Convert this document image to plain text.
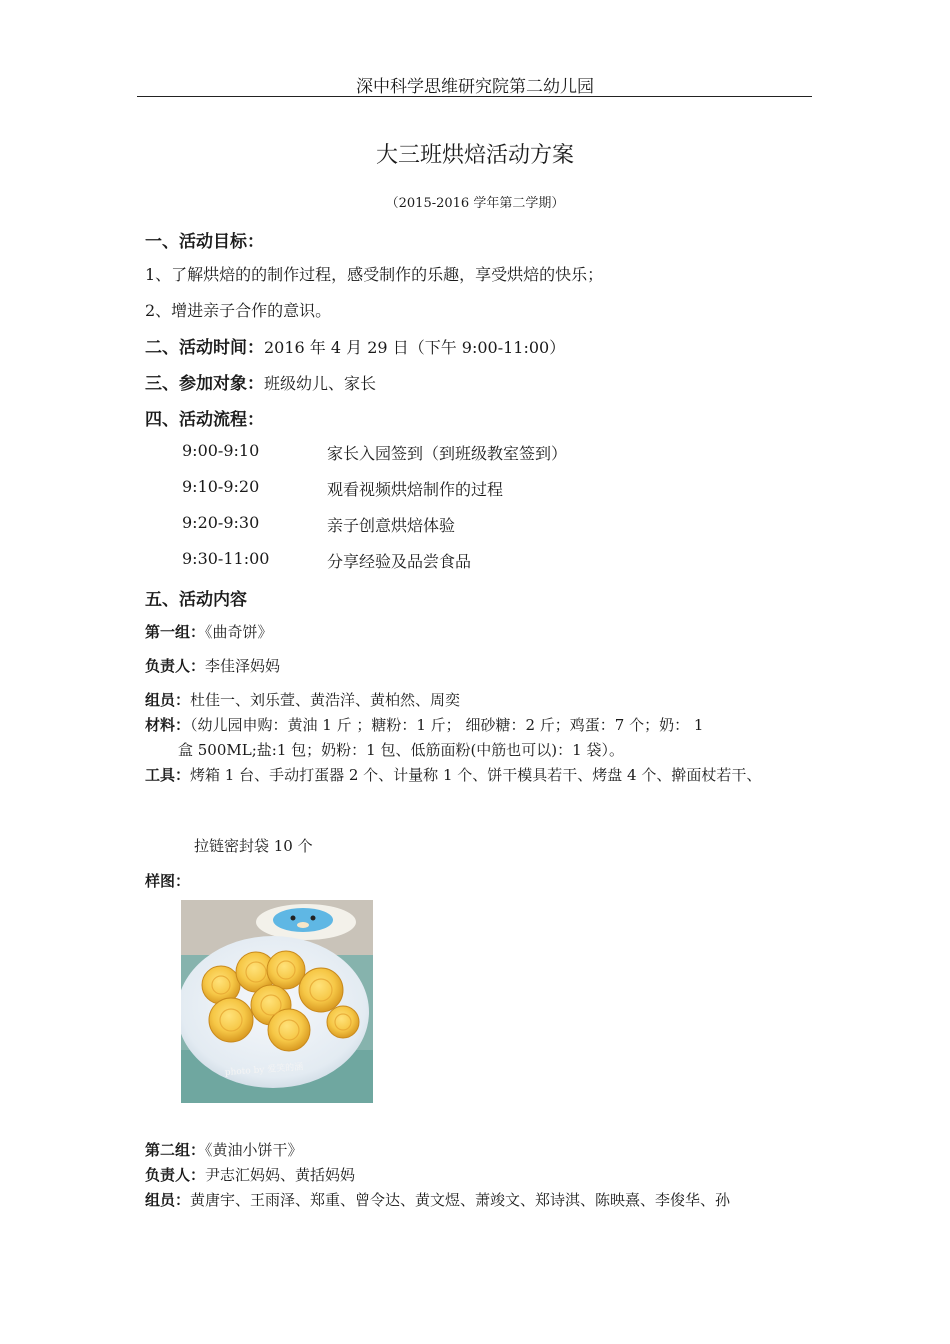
深中科学思维研究院第二幼儿园
大三班烘焙活动方案
（2015-2016 学年第二学期）
一、活动目标：
1、了解烘焙的的制作过程，感受制作的乐趣，享受烘焙的快乐；
2、增进亲子合作的意识。
二、活动时间：2016 年 4 月 29 日（下午 9:00-11:00）
三、参加对象：班级幼儿、家长
四、活动流程：
9:00-9:10	家长入园签到（到班级教室签到）
9:10-9:20	观看视频烘焙制作的过程
9:20-9:30	亲子创意烘焙体验
9:30-11:00	分享经验及品尝食品
五、活动内容
第一组：《曲奇饼》
负责人：李佳泽妈妈
组员：杜佳一、刘乐萱、黄浩洋、黄柏然、周奕
材料：（幼儿园申购：黄油 1 斤 ；糖粉：1 斤； 细砂糖：2 斤；鸡蛋：7 个；奶： 1
盒 500ML;盐:1 包；奶粉：1 包、低筋面粉(中筋也可以)：1 袋）。
工具：烤箱 1 台、手动打蛋器 2 个、计量称 1 个、饼干模具若干、烤盘 4 个、擀面杖若干、
拉链密封袋 10 个
样图：
photo by 爱笑的涵
第二组：《黄油小饼干》
负责人：尹志汇妈妈、黄括妈妈
组员：黄唐宇、王雨泽、郑重、曾令达、黄文煜、萧竣文、郑诗淇、陈映熹、李俊华、孙
